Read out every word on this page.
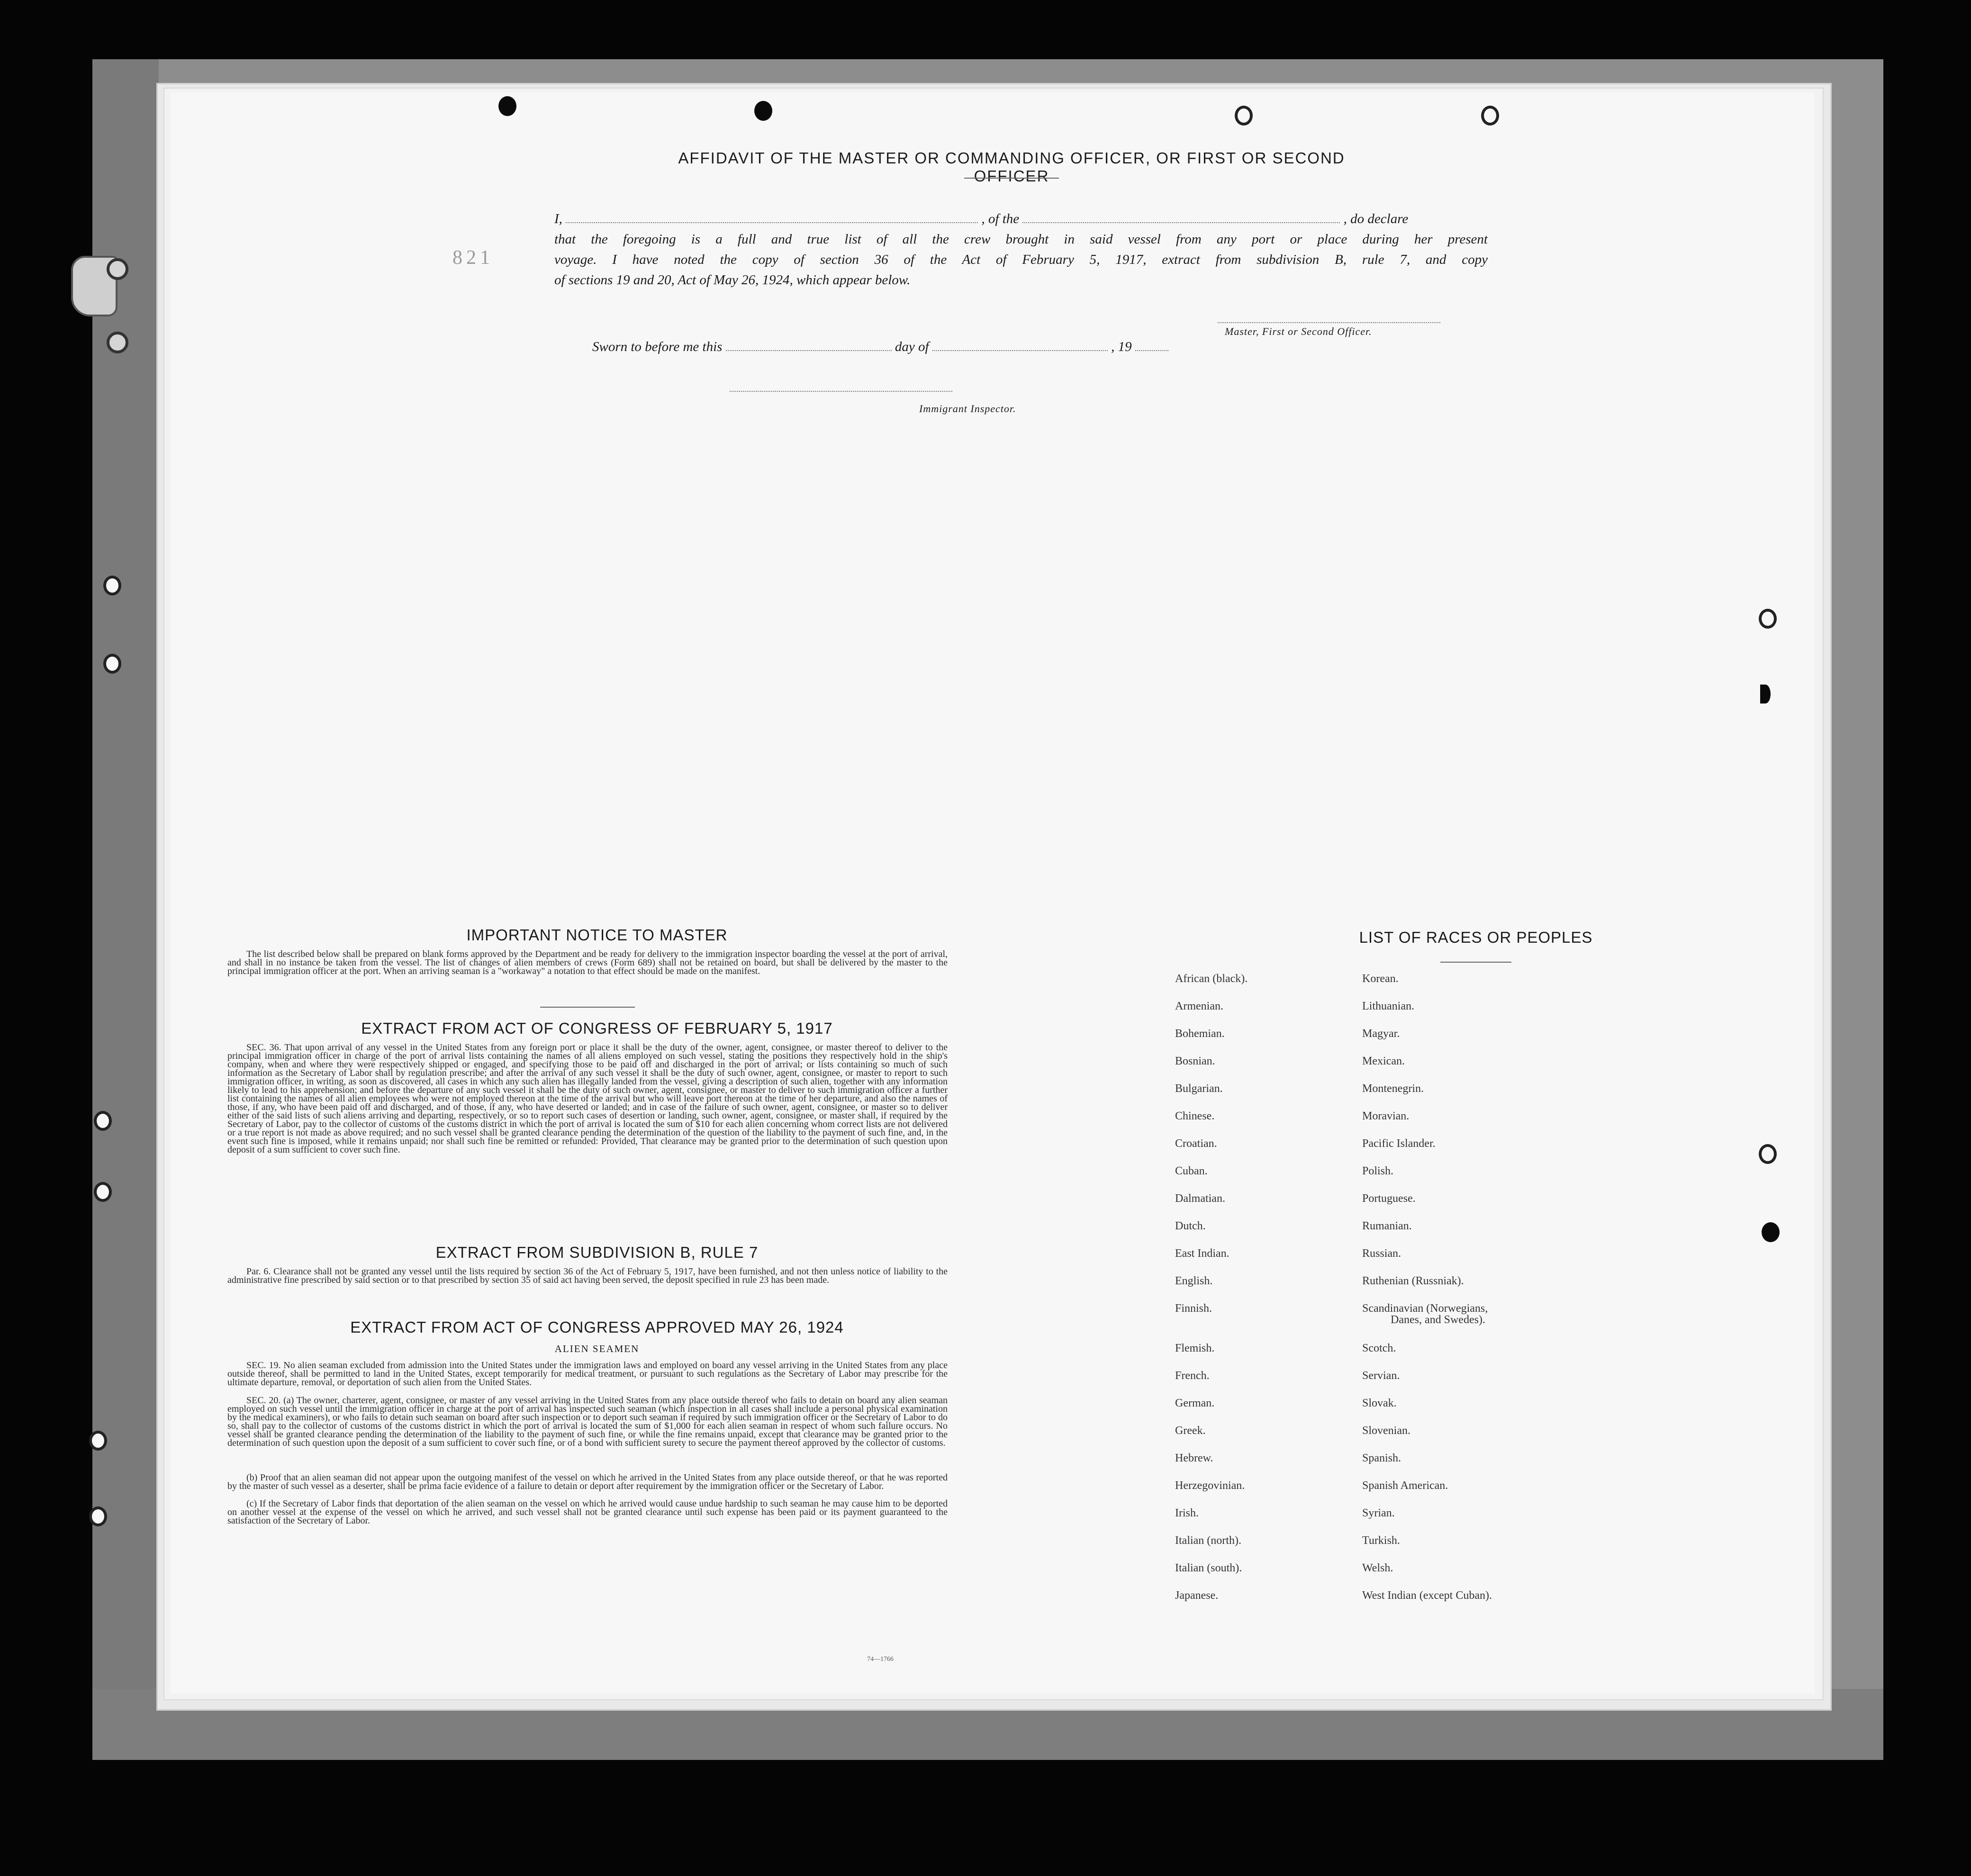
821
AFFIDAVIT OF THE MASTER OR COMMANDING OFFICER, OR FIRST OR SECOND OFFICER
I,	, of the	, do declare
that the foregoing is a full and true list of all the crew brought in said vessel from any port or place during her present
voyage. I have noted the copy of section 36 of the Act of February 5, 1917, extract from subdivision B, rule 7, and copy
of sections 19 and 20, Act of May 26, 1924, which appear below.
Master, First or Second Officer.
Sworn to before me this	day of	, 19
Immigrant Inspector.
IMPORTANT NOTICE TO MASTER
The list described below shall be prepared on blank forms approved by the Department and be ready for delivery to the immigration inspector boarding the vessel at the port of arrival, and shall in no instance be taken from the vessel. The list of changes of alien members of crews (Form 689) shall not be retained on board, but shall be delivered by the master to the principal immigration officer at the port. When an arriving seaman is a "workaway" a notation to that effect should be made on the manifest.
EXTRACT FROM ACT OF CONGRESS OF FEBRUARY 5, 1917
SEC. 36. That upon arrival of any vessel in the United States from any foreign port or place it shall be the duty of the owner, agent, consignee, or master thereof to deliver to the principal immigration officer in charge of the port of arrival lists containing the names of all aliens employed on such vessel, stating the positions they respectively hold in the ship's company, when and where they were respectively shipped or engaged, and specifying those to be paid off and discharged in the port of arrival; or lists containing so much of such information as the Secretary of Labor shall by regulation prescribe; and after the arrival of any such vessel it shall be the duty of such owner, agent, consignee, or master to report to such immigration officer, in writing, as soon as discovered, all cases in which any such alien has illegally landed from the vessel, giving a description of such alien, together with any information likely to lead to his apprehension; and before the departure of any such vessel it shall be the duty of such owner, agent, consignee, or master to deliver to such immigration officer a further list containing the names of all alien employees who were not employed thereon at the time of the arrival but who will leave port thereon at the time of her departure, and also the names of those, if any, who have been paid off and discharged, and of those, if any, who have deserted or landed; and in case of the failure of such owner, agent, consignee, or master so to deliver either of the said lists of such aliens arriving and departing, respectively, or so to report such cases of desertion or landing, such owner, agent, consignee, or master shall, if required by the Secretary of Labor, pay to the collector of customs of the customs district in which the port of arrival is located the sum of $10 for each alien concerning whom correct lists are not delivered or a true report is not made as above required; and no such vessel shall be granted clearance pending the determination of the question of the liability to the payment of such fine, and, in the event such fine is imposed, while it remains unpaid; nor shall such fine be remitted or refunded: Provided, That clearance may be granted prior to the determination of such question upon deposit of a sum sufficient to cover such fine.
EXTRACT FROM SUBDIVISION B, RULE 7
Par. 6. Clearance shall not be granted any vessel until the lists required by section 36 of the Act of February 5, 1917, have been furnished, and not then unless notice of liability to the administrative fine prescribed by said section or to that prescribed by section 35 of said act having been served, the deposit specified in rule 23 has been made.
EXTRACT FROM ACT OF CONGRESS APPROVED MAY 26, 1924
ALIEN SEAMEN
SEC. 19. No alien seaman excluded from admission into the United States under the immigration laws and employed on board any vessel arriving in the United States from any place outside thereof, shall be permitted to land in the United States, except temporarily for medical treatment, or pursuant to such regulations as the Secretary of Labor may prescribe for the ultimate departure, removal, or deportation of such alien from the United States.
SEC. 20. (a) The owner, charterer, agent, consignee, or master of any vessel arriving in the United States from any place outside thereof who fails to detain on board any alien seaman employed on such vessel until the immigration officer in charge at the port of arrival has inspected such seaman (which inspection in all cases shall include a personal physical examination by the medical examiners), or who fails to detain such seaman on board after such inspection or to deport such seaman if required by such immigration officer or the Secretary of Labor to do so, shall pay to the collector of customs of the customs district in which the port of arrival is located the sum of $1,000 for each alien seaman in respect of whom such failure occurs. No vessel shall be granted clearance pending the determination of the liability to the payment of such fine, or while the fine remains unpaid, except that clearance may be granted prior to the determination of such question upon the deposit of a sum sufficient to cover such fine, or of a bond with sufficient surety to secure the payment thereof approved by the collector of customs.
(b) Proof that an alien seaman did not appear upon the outgoing manifest of the vessel on which he arrived in the United States from any place outside thereof, or that he was reported by the master of such vessel as a deserter, shall be prima facie evidence of a failure to detain or deport after requirement by the immigration officer or the Secretary of Labor.
(c) If the Secretary of Labor finds that deportation of the alien seaman on the vessel on which he arrived would cause undue hardship to such seaman he may cause him to be deported on another vessel at the expense of the vessel on which he arrived, and such vessel shall not be granted clearance until such expense has been paid or its payment guaranteed to the satisfaction of the Secretary of Labor.
74—1766
LIST OF RACES OR PEOPLES
African (black).
Armenian.
Bohemian.
Bosnian.
Bulgarian.
Chinese.
Croatian.
Cuban.
Dalmatian.
Dutch.
East Indian.
English.
Finnish.
Flemish.
French.
German.
Greek.
Hebrew.
Herzegovinian.
Irish.
Italian (north).
Italian (south).
Japanese.
Korean.
Lithuanian.
Magyar.
Mexican.
Montenegrin.
Moravian.
Pacific Islander.
Polish.
Portuguese.
Rumanian.
Russian.
Ruthenian (Russniak).
Scandinavian (Norwegians,
Scotch.
Servian.
Slovak.
Slovenian.
Spanish.
Spanish American.
Syrian.
Turkish.
Welsh.
West Indian (except Cuban).
Danes, and Swedes).
